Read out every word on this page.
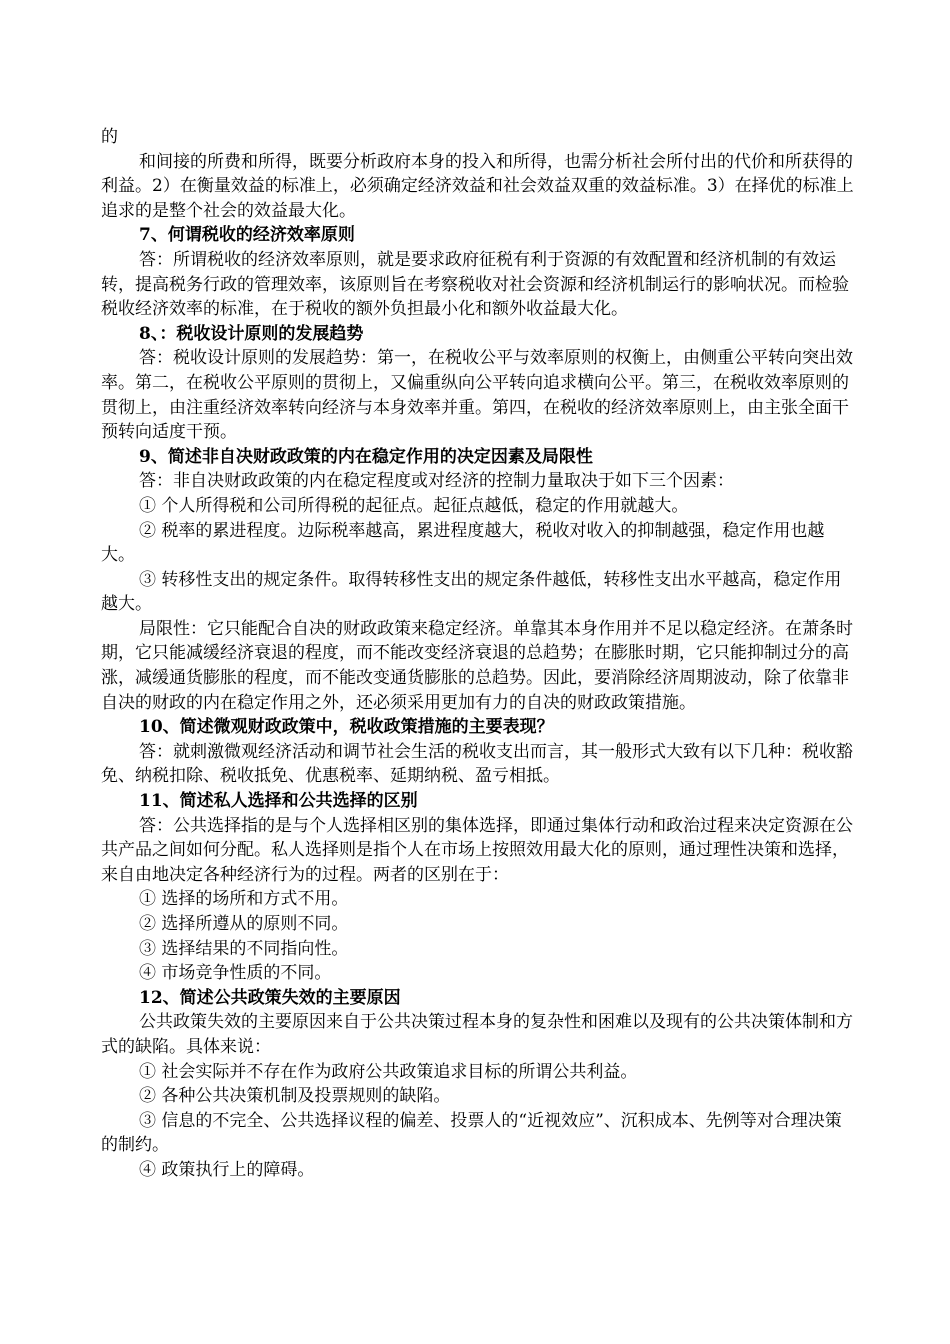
的

和间接的所费和所得，既要分析政府本身的投入和所得，也需分析社会所付出的代价和所获得的利益。2）在衡量效益的标准上，必须确定经济效益和社会效益双重的效益标准。3）在择优的标准上追求的是整个社会的效益最大化。

7、何谓税收的经济效率原则

答：所谓税收的经济效率原则，就是要求政府征税有利于资源的有效配置和经济机制的有效运转，提高税务行政的管理效率，该原则旨在考察税收对社会资源和经济机制运行的影响状况。而检验税收经济效率的标准，在于税收的额外负担最小化和额外收益最大化。

8、：税收设计原则的发展趋势

答：税收设计原则的发展趋势：第一，在税收公平与效率原则的权衡上，由侧重公平转向突出效率。第二，在税收公平原则的贯彻上，又偏重纵向公平转向追求横向公平。第三，在税收效率原则的贯彻上，由注重经济效率转向经济与本身效率并重。第四，在税收的经济效率原则上，由主张全面干预转向适度干预。

9、简述非自决财政政策的内在稳定作用的决定因素及局限性

答：非自决财政政策的内在稳定程度或对经济的控制力量取决于如下三个因素：

① 个人所得税和公司所得税的起征点。起征点越低，稳定的作用就越大。

② 税率的累进程度。边际税率越高，累进程度越大，税收对收入的抑制越强，稳定作用也越大。

③ 转移性支出的规定条件。取得转移性支出的规定条件越低，转移性支出水平越高，稳定作用越大。

局限性：它只能配合自决的财政政策来稳定经济。单靠其本身作用并不足以稳定经济。在萧条时期，它只能减缓经济衰退的程度，而不能改变经济衰退的总趋势；在膨胀时期，它只能抑制过分的高涨，减缓通货膨胀的程度，而不能改变通货膨胀的总趋势。因此，要消除经济周期波动，除了依靠非自决的财政的内在稳定作用之外，还必须采用更加有力的自决的财政政策措施。

10、简述微观财政政策中，税收政策措施的主要表现？

答：就刺激微观经济活动和调节社会生活的税收支出而言，其一般形式大致有以下几种：税收豁免、纳税扣除、税收抵免、优惠税率、延期纳税、盈亏相抵。

11、简述私人选择和公共选择的区别

答：公共选择指的是与个人选择相区别的集体选择，即通过集体行动和政治过程来决定资源在公共产品之间如何分配。私人选择则是指个人在市场上按照效用最大化的原则，通过理性决策和选择，来自由地决定各种经济行为的过程。两者的区别在于：

① 选择的场所和方式不用。

② 选择所遵从的原则不同。

③ 选择结果的不同指向性。

④ 市场竞争性质的不同。

12、简述公共政策失效的主要原因

公共政策失效的主要原因来自于公共决策过程本身的复杂性和困难以及现有的公共决策体制和方式的缺陷。具体来说：

① 社会实际并不存在作为政府公共政策追求目标的所谓公共利益。

② 各种公共决策机制及投票规则的缺陷。

③ 信息的不完全、公共选择议程的偏差、投票人的“近视效应”、沉积成本、先例等对合理决策的制约。

④ 政策执行上的障碍。
